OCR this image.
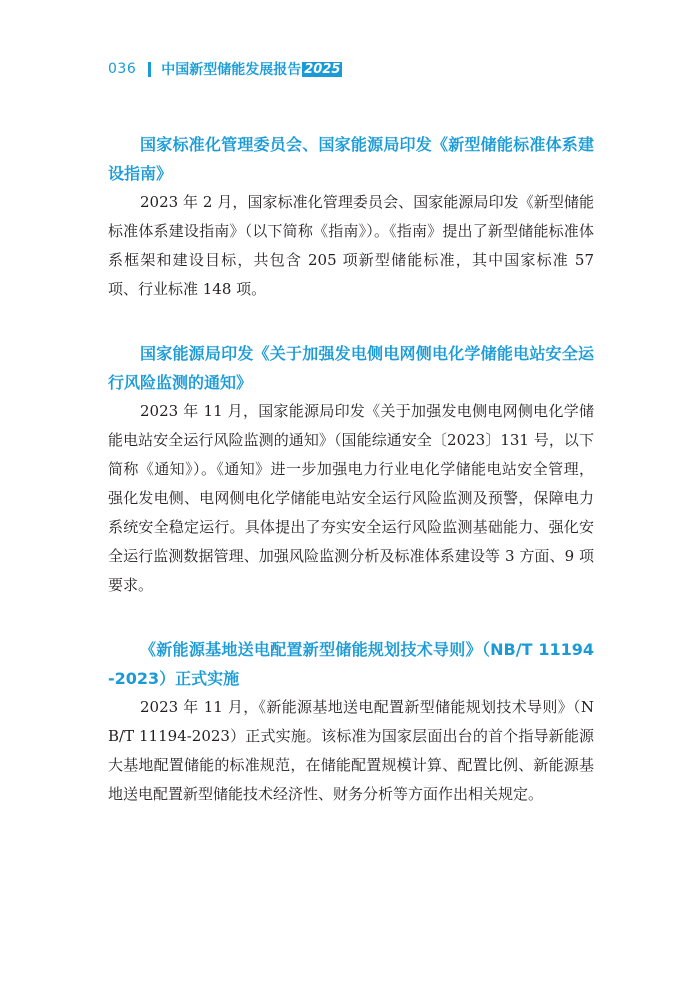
036 中国新型储能发展报告 2025

国家标准化管理委员会、国家能源局印发《新型储能标准体系建设指南》

2023 年 2 月，国家标准化管理委员会、国家能源局印发《新型储能标准体系建设指南》（以下简称《指南》）。《指南》提出了新型储能标准体系框架和建设目标，共包含 205 项新型储能标准，其中国家标准 57 项、行业标准 148 项。

国家能源局印发《关于加强发电侧电网侧电化学储能电站安全运行风险监测的通知》

2023 年 11 月，国家能源局印发《关于加强发电侧电网侧电化学储能电站安全运行风险监测的通知》（国能综通安全〔2023〕131 号，以下简称《通知》）。《通知》进一步加强电力行业电化学储能电站安全管理，强化发电侧、电网侧电化学储能电站安全运行风险监测及预警，保障电力系统安全稳定运行。具体提出了夯实安全运行风险监测基础能力、强化安全运行监测数据管理、加强风险监测分析及标准体系建设等 3 方面、9 项要求。

《新能源基地送电配置新型储能规划技术导则》（NB/T 11194-2023）正式实施

2023 年 11 月，《新能源基地送电配置新型储能规划技术导则》（NB/T 11194-2023）正式实施。该标准为国家层面出台的首个指导新能源大基地配置储能的标准规范，在储能配置规模计算、配置比例、新能源基地送电配置新型储能技术经济性、财务分析等方面作出相关规定。
